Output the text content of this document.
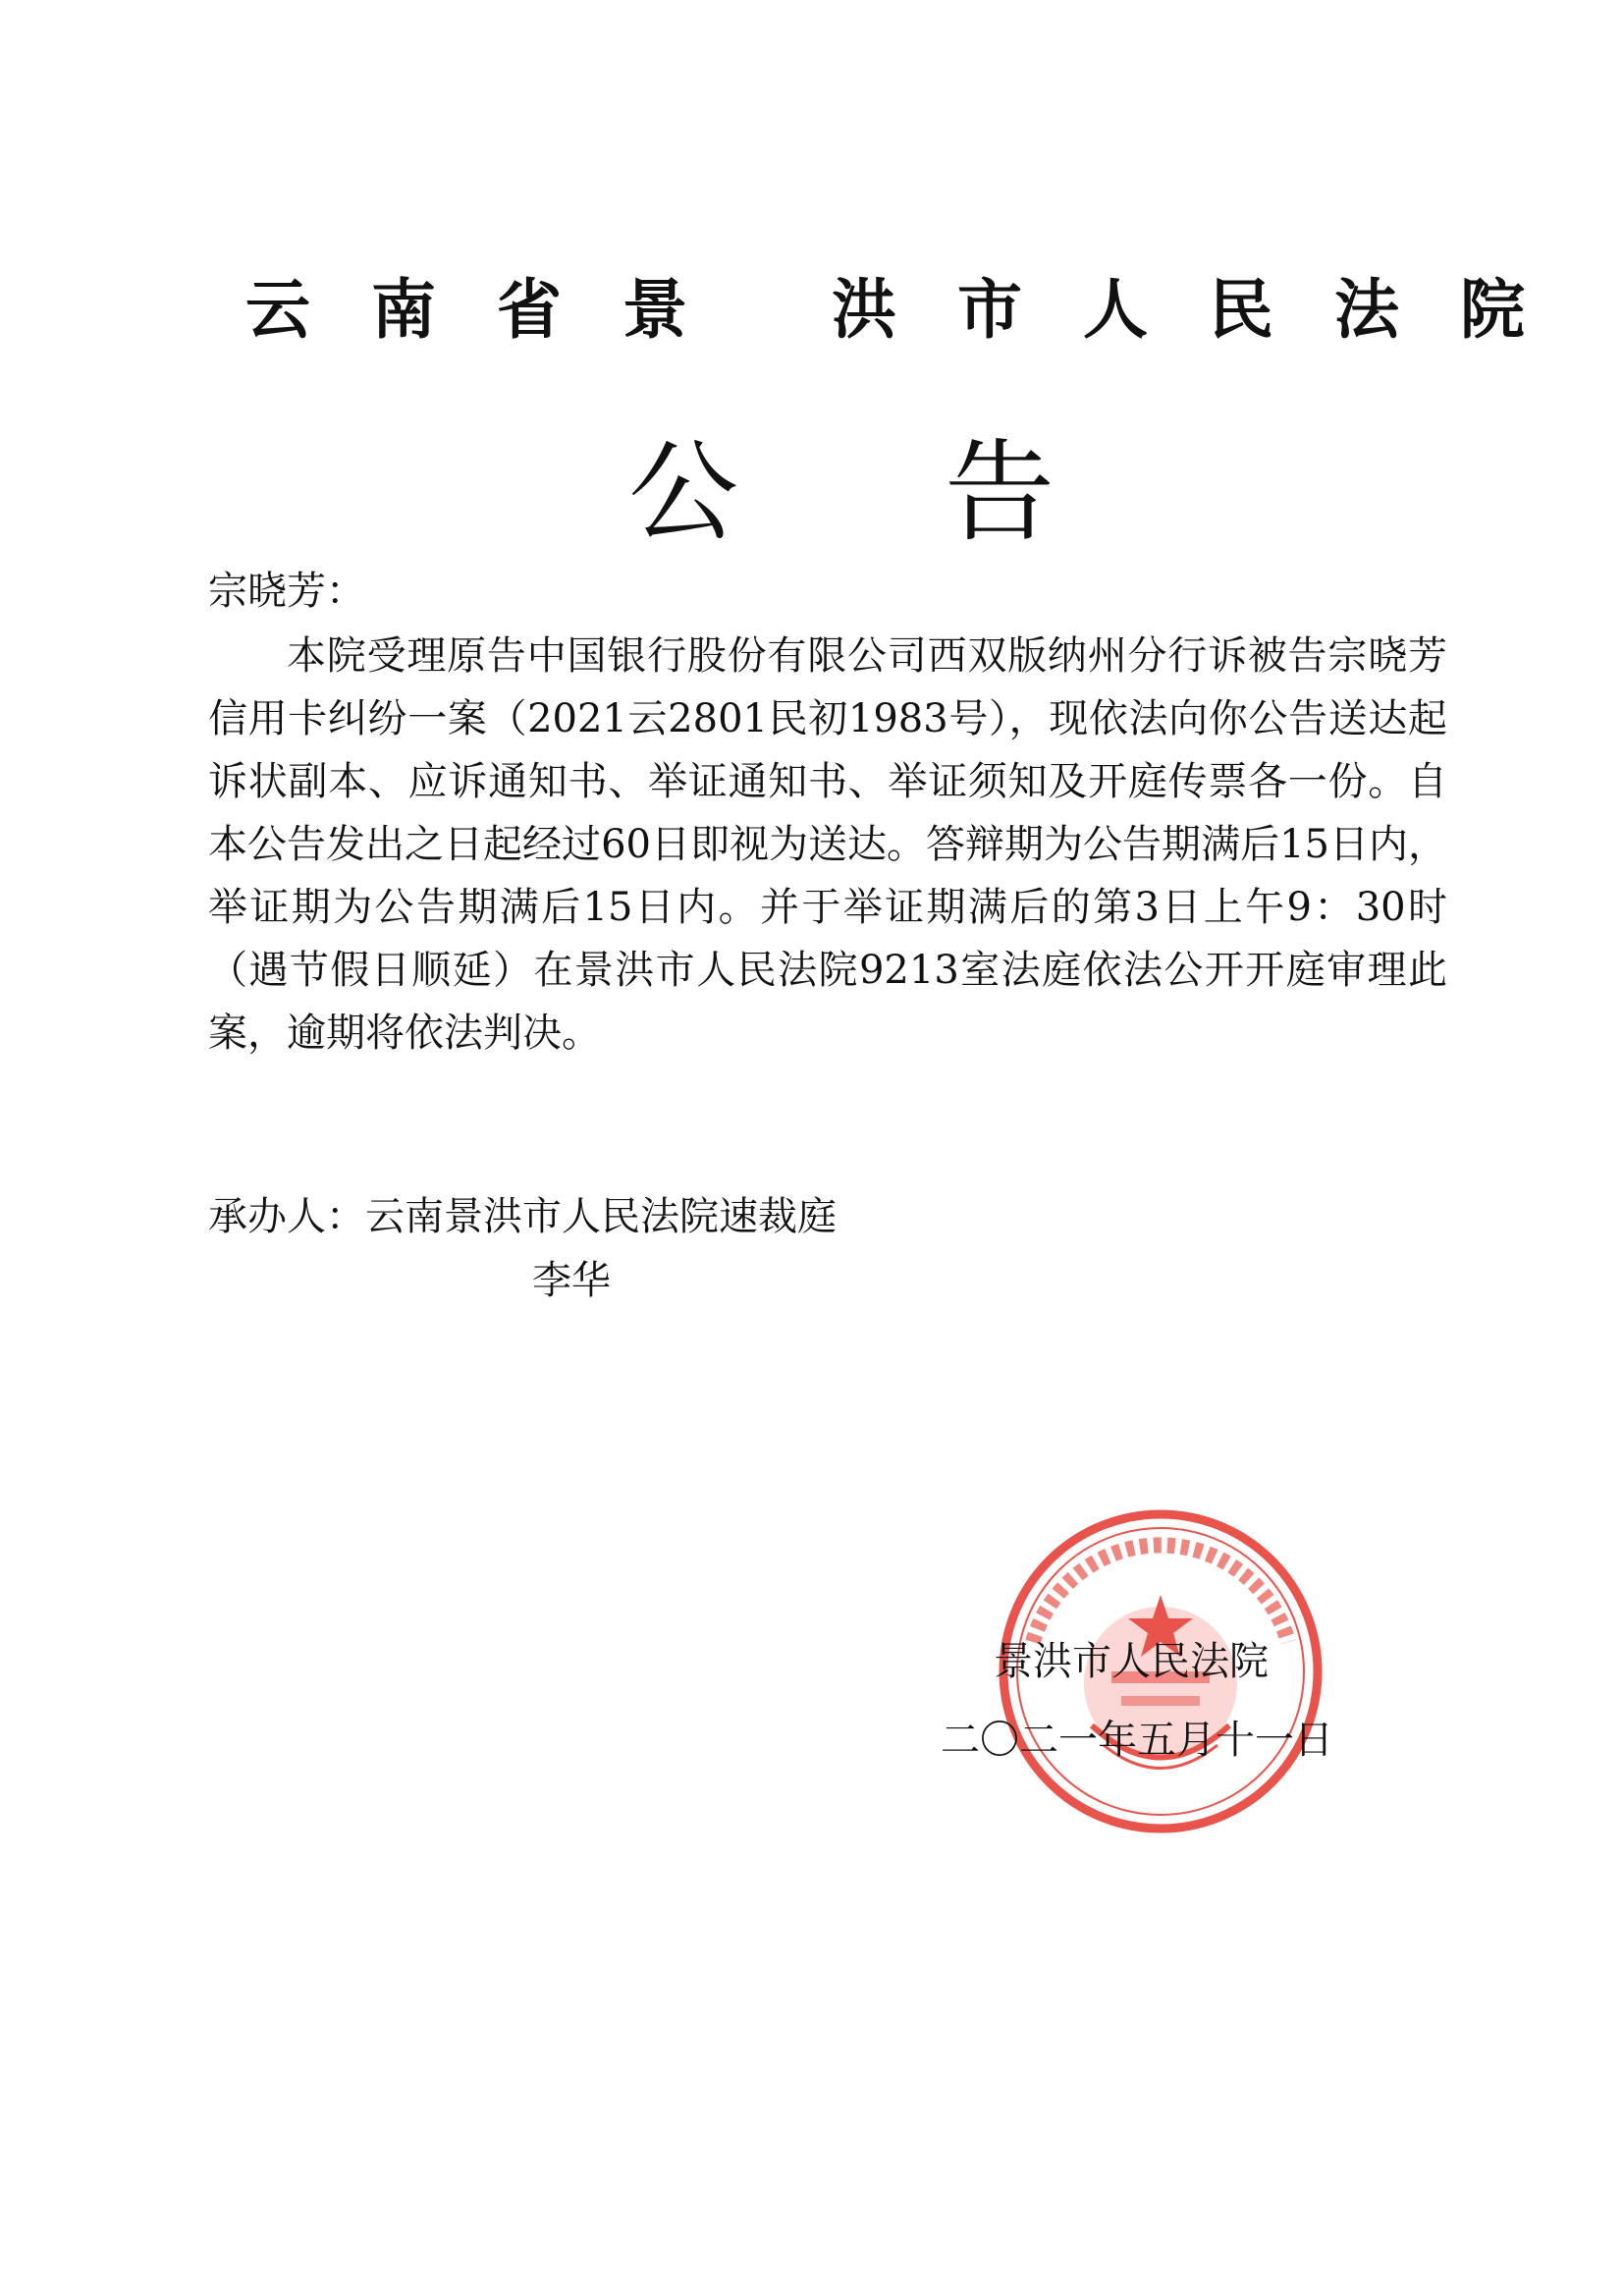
云南省景 洪市人民法院
公告
宗晓芳：
本院受理原告中国银行股份有限公司西双版纳州分行诉被告宗晓芳信用卡纠纷一案（2021云2801民初1983号），现依法向你公告送达起诉状副本、应诉通知书、举证通知书、举证须知及开庭传票各一份。自本公告发出之日起经过60日即视为送达。答辩期为公告期满后15日内，举证期为公告期满后15日内。并于举证期满后的第3日上午9：30时（遇节假日顺延）在景洪市人民法院9213室法庭依法公开开庭审理此案，逾期将依法判决。
承办人：云南景洪市人民法院速裁庭
李华
景洪市人民法院
二〇二一年五月十一日
